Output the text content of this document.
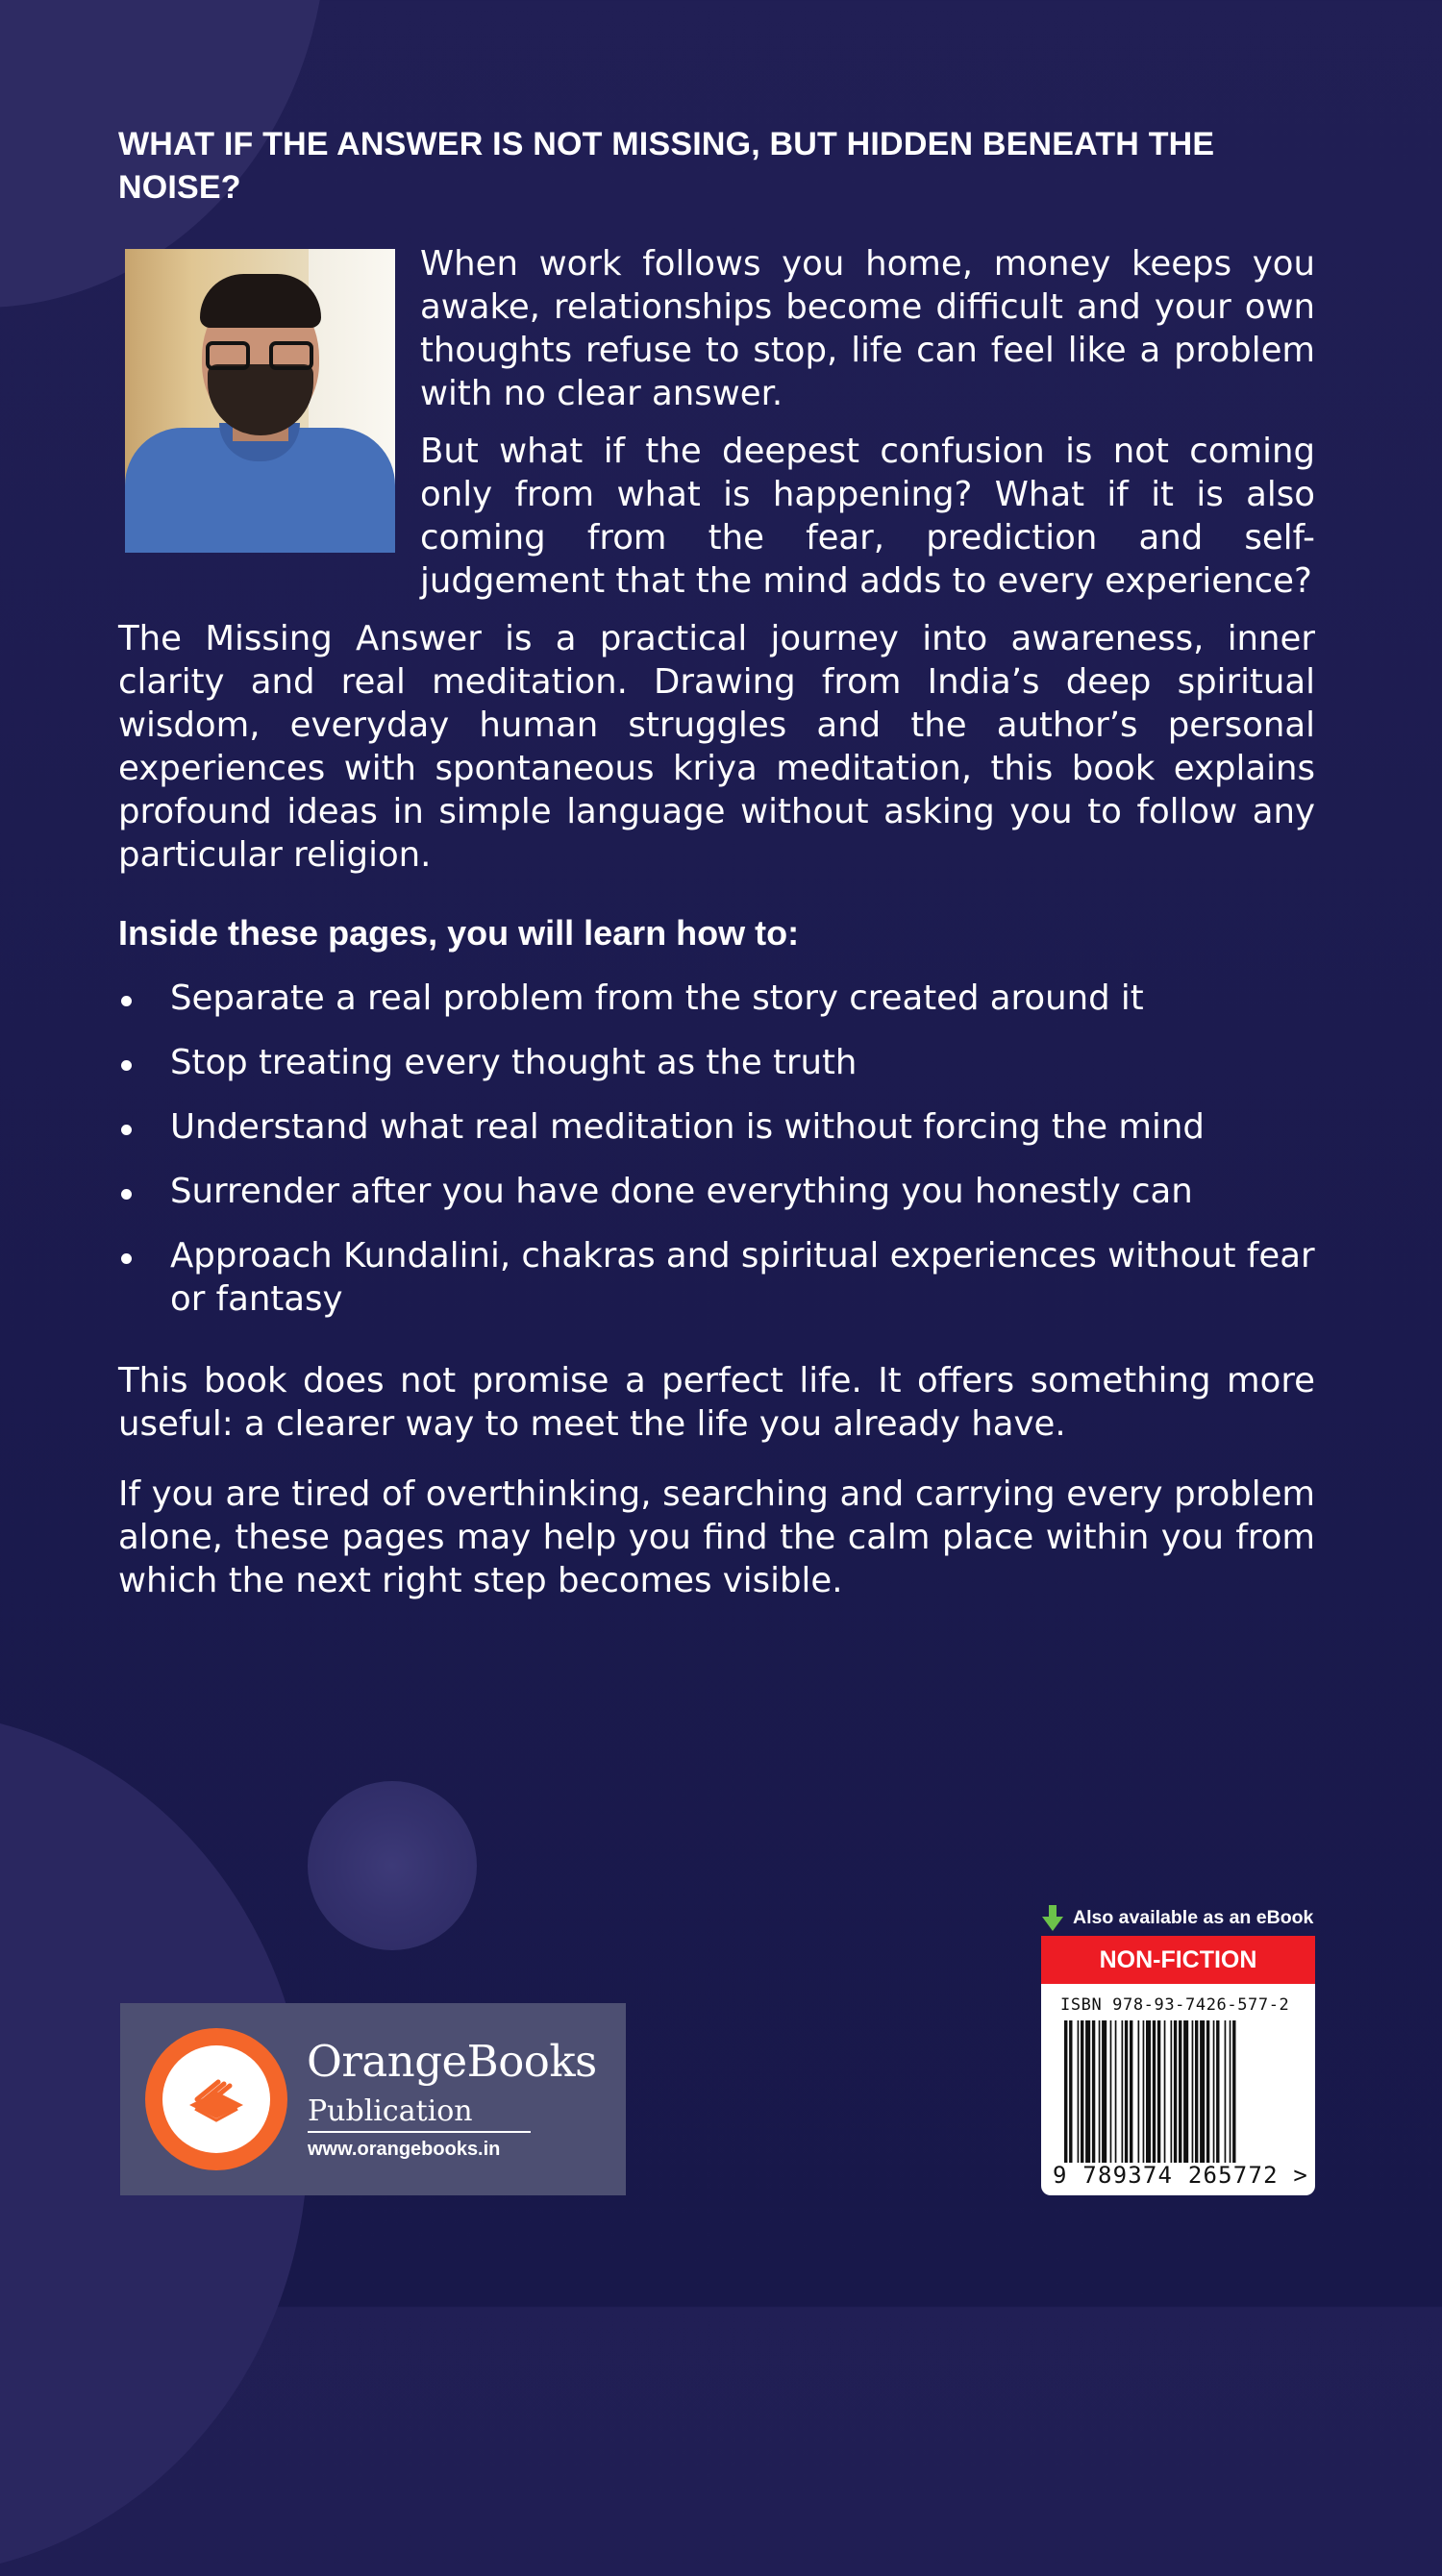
WHAT IF THE ANSWER IS NOT MISSING, BUT HIDDEN BENEATH THE NOISE?

When work follows you home, money keeps you awake, relationships become difficult and your own thoughts refuse to stop, life can feel like a problem with no clear answer.

But what if the deepest confusion is not coming only from what is happening? What if it is also coming from the fear, prediction and self-judgement that the mind adds to every experience?

The Missing Answer is a practical journey into awareness, inner clarity and real meditation. Drawing from India’s deep spiritual wisdom, everyday human struggles and the author’s personal experiences with spontaneous kriya meditation, this book explains profound ideas in simple language without asking you to follow any particular religion.

Inside these pages, you will learn how to:
Separate a real problem from the story created around it
Stop treating every thought as the truth
Understand what real meditation is without forcing the mind
Surrender after you have done everything you honestly can
Approach Kundalini, chakras and spiritual experiences without fear or fantasy

This book does not promise a perfect life. It offers something more useful: a clearer way to meet the life you already have.

If you are tired of overthinking, searching and carrying every problem alone, these pages may help you find the calm place within you from which the next right step becomes visible.

OrangeBooks
Publication
www.orangebooks.in
Also available as an eBook
NON-FICTION
ISBN 978-93-7426-577-2
9 789374 265772 >
